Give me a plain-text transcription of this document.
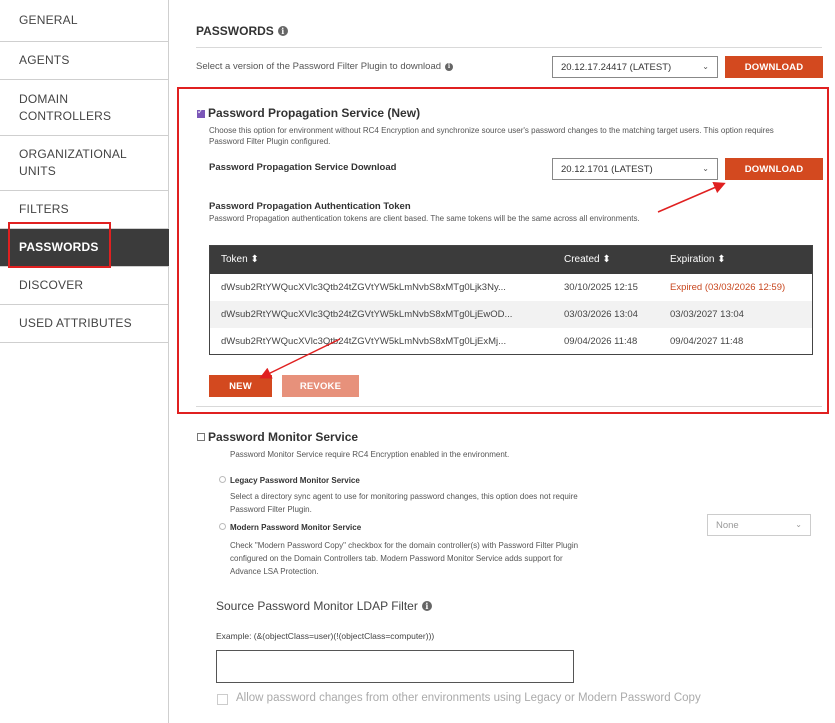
GENERAL
AGENTS
DOMAIN CONTROLLERS
ORGANIZATIONAL UNITS
FILTERS
PASSWORDS
DISCOVER
USED ATTRIBUTES
PASSWORDS i
Select a version of the Password Filter Plugin to download	i	20.12.17.24417 (LATEST)	⌄	DOWNLOAD
✓
Password Propagation Service (New)
Choose this option for environment without RC4 Encryption and synchronize source user's password changes to the matching target users. This option requires Password Filter Plugin configured.
Password Propagation Service Download	20.12.1701 (LATEST)	⌄	DOWNLOAD
Password Propagation Authentication Token
Password Propagation authentication tokens are client based. The same tokens will be the same across all environments.
Token ⬍	Created ⬍	Expiration ⬍
dWsub2RtYWQucXVlc3Qtb24tZGVtYW5kLmNvbS8xMTg0Ljk3Ny...	30/10/2025 12:15	Expired (03/03/2026 12:59)
dWsub2RtYWQucXVlc3Qtb24tZGVtYW5kLmNvbS8xMTg0LjEwOD...	03/03/2026 13:04	03/03/2027 13:04
dWsub2RtYWQucXVlc3Qtb24tZGVtYW5kLmNvbS8xMTg0LjExMj...	09/04/2026 11:48	09/04/2027 11:48
NEW	REVOKE
Password Monitor Service
Password Monitor Service require RC4 Encryption enabled in the environment.
Legacy Password Monitor Service
Select a directory sync agent to use for monitoring password changes, this option does not require
Password Filter Plugin.
Modern Password Monitor Service
Check "Modern Password Copy" checkbox for the domain controller(s) with Password Filter Plugin
configured on the Domain Controllers tab. Modern Password Monitor Service adds support for
Advance LSA Protection.
None	⌄
Source Password Monitor LDAP Filter i
Example: (&(objectClass=user)(!(objectClass=computer)))
Allow password changes from other environments using Legacy or Modern Password Copy
